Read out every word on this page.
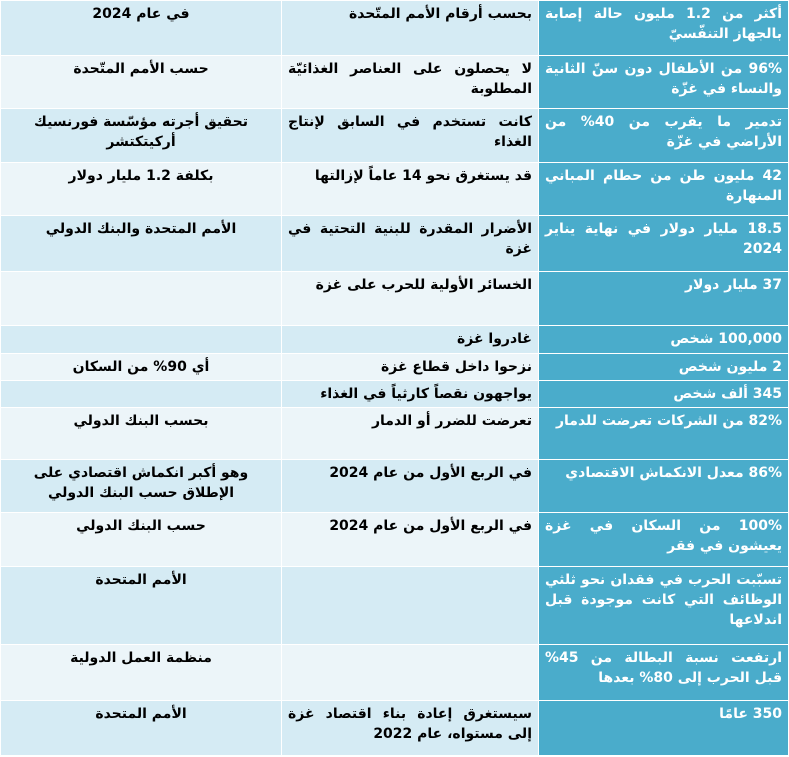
أكثر من 1.2 مليون حالة إصابة بالجهاز التنفّسيّ	بحسب أرقام الأمم المتّحدة	في عام 2024
96% من الأطفال دون سنّ الثانية والنساء في غزّة	لا يحصلون على العناصر الغذائيّة المطلوبة	حسب الأمم المتّحدة
تدمير ما يقرب من 40% من الأراضي في غزّة	كانت تستخدم في السابق لإنتاج الغذاء	تحقيق أجرته مؤسّسة فورنسيك أركيتكتشر
42 مليون طن من حطام المباني المنهارة	قد يستغرق نحو 14 عاماً لإزالتها	بكلفة 1.2 مليار دولار
18.5 مليار دولار في نهاية يناير 2024	الأضرار المقدرة للبنية التحتية في غزة	الأمم المتحدة والبنك الدولي
37 مليار دولار	الخسائر الأولية للحرب على غزة	
100,000 شخص	غادروا غزة	
2 مليون شخص	نزحوا داخل قطاع غزة	أي 90% من السكان
345 ألف شخص	يواجهون نقصاً كارثياً في الغذاء	
82% من الشركات تعرضت للدمار	تعرضت للضرر أو الدمار	بحسب البنك الدولي
86% معدل الانكماش الاقتصادي	في الربع الأول من عام 2024	وهو أكبر انكماش اقتصادي على الإطلاق حسب البنك الدولي
100% من السكان في غزة يعيشون في فقر	في الربع الأول من عام 2024	حسب البنك الدولي
تسبّبت الحرب في فقدان نحو ثلثي الوظائف التي كانت موجودة قبل اندلاعها		الأمم المتحدة
ارتفعت نسبة البطالة من 45% قبل الحرب إلى 80% بعدها		منظمة العمل الدولية
350 عامًا	سيستغرق إعادة بناء اقتصاد غزة إلى مستواه، عام 2022	الأمم المتحدة
